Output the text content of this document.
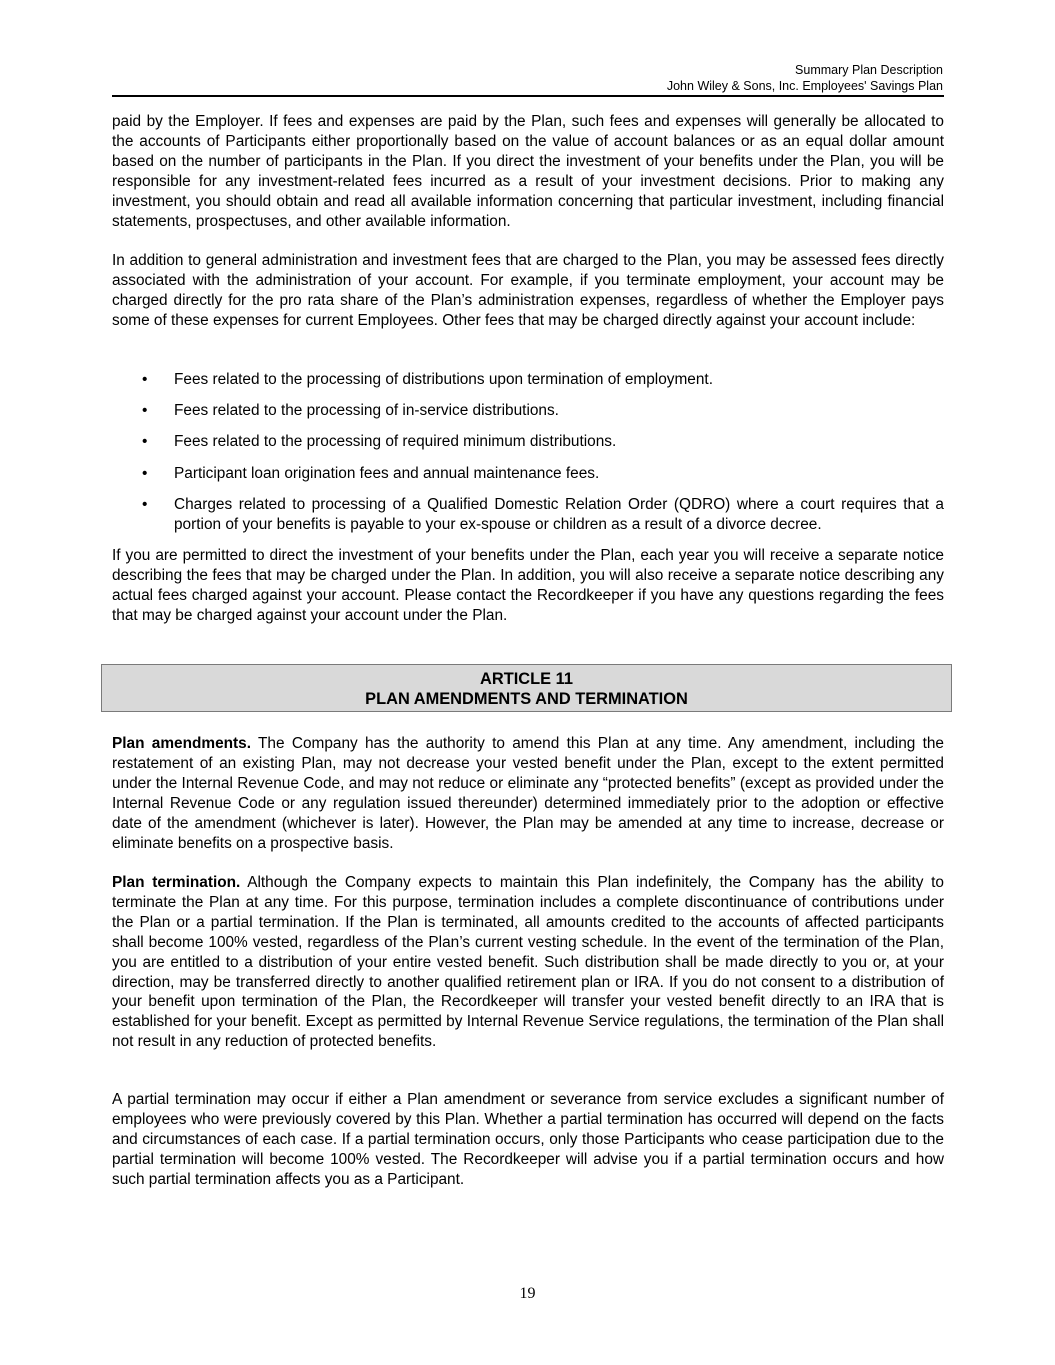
Summary Plan Description
John Wiley & Sons, Inc. Employees' Savings Plan
paid by the Employer. If fees and expenses are paid by the Plan, such fees and expenses will generally be allocated to the accounts of Participants either proportionally based on the value of account balances or as an equal dollar amount based on the number of participants in the Plan. If you direct the investment of your benefits under the Plan, you will be responsible for any investment-related fees incurred as a result of your investment decisions. Prior to making any investment, you should obtain and read all available information concerning that particular investment, including financial statements, prospectuses, and other available information.
In addition to general administration and investment fees that are charged to the Plan, you may be assessed fees directly associated with the administration of your account. For example, if you terminate employment, your account may be charged directly for the pro rata share of the Plan’s administration expenses, regardless of whether the Employer pays some of these expenses for current Employees. Other fees that may be charged directly against your account include:
• Fees related to the processing of distributions upon termination of employment.
• Fees related to the processing of in-service distributions.
• Fees related to the processing of required minimum distributions.
• Participant loan origination fees and annual maintenance fees.
• Charges related to processing of a Qualified Domestic Relation Order (QDRO) where a court requires that a portion of your benefits is payable to your ex-spouse or children as a result of a divorce decree.
If you are permitted to direct the investment of your benefits under the Plan, each year you will receive a separate notice describing the fees that may be charged under the Plan. In addition, you will also receive a separate notice describing any actual fees charged against your account. Please contact the Recordkeeper if you have any questions regarding the fees that may be charged against your account under the Plan.
ARTICLE 11
PLAN AMENDMENTS AND TERMINATION
Plan amendments. The Company has the authority to amend this Plan at any time. Any amendment, including the restatement of an existing Plan, may not decrease your vested benefit under the Plan, except to the extent permitted under the Internal Revenue Code, and may not reduce or eliminate any “protected benefits” (except as provided under the Internal Revenue Code or any regulation issued thereunder) determined immediately prior to the adoption or effective date of the amendment (whichever is later). However, the Plan may be amended at any time to increase, decrease or eliminate benefits on a prospective basis.
Plan termination. Although the Company expects to maintain this Plan indefinitely, the Company has the ability to terminate the Plan at any time. For this purpose, termination includes a complete discontinuance of contributions under the Plan or a partial termination. If the Plan is terminated, all amounts credited to the accounts of affected participants shall become 100% vested, regardless of the Plan’s current vesting schedule. In the event of the termination of the Plan, you are entitled to a distribution of your entire vested benefit. Such distribution shall be made directly to you or, at your direction, may be transferred directly to another qualified retirement plan or IRA. If you do not consent to a distribution of your benefit upon termination of the Plan, the Recordkeeper will transfer your vested benefit directly to an IRA that is established for your benefit. Except as permitted by Internal Revenue Service regulations, the termination of the Plan shall not result in any reduction of protected benefits.
A partial termination may occur if either a Plan amendment or severance from service excludes a significant number of employees who were previously covered by this Plan. Whether a partial termination has occurred will depend on the facts and circumstances of each case. If a partial termination occurs, only those Participants who cease participation due to the partial termination will become 100% vested. The Recordkeeper will advise you if a partial termination occurs and how such partial termination affects you as a Participant.
19
